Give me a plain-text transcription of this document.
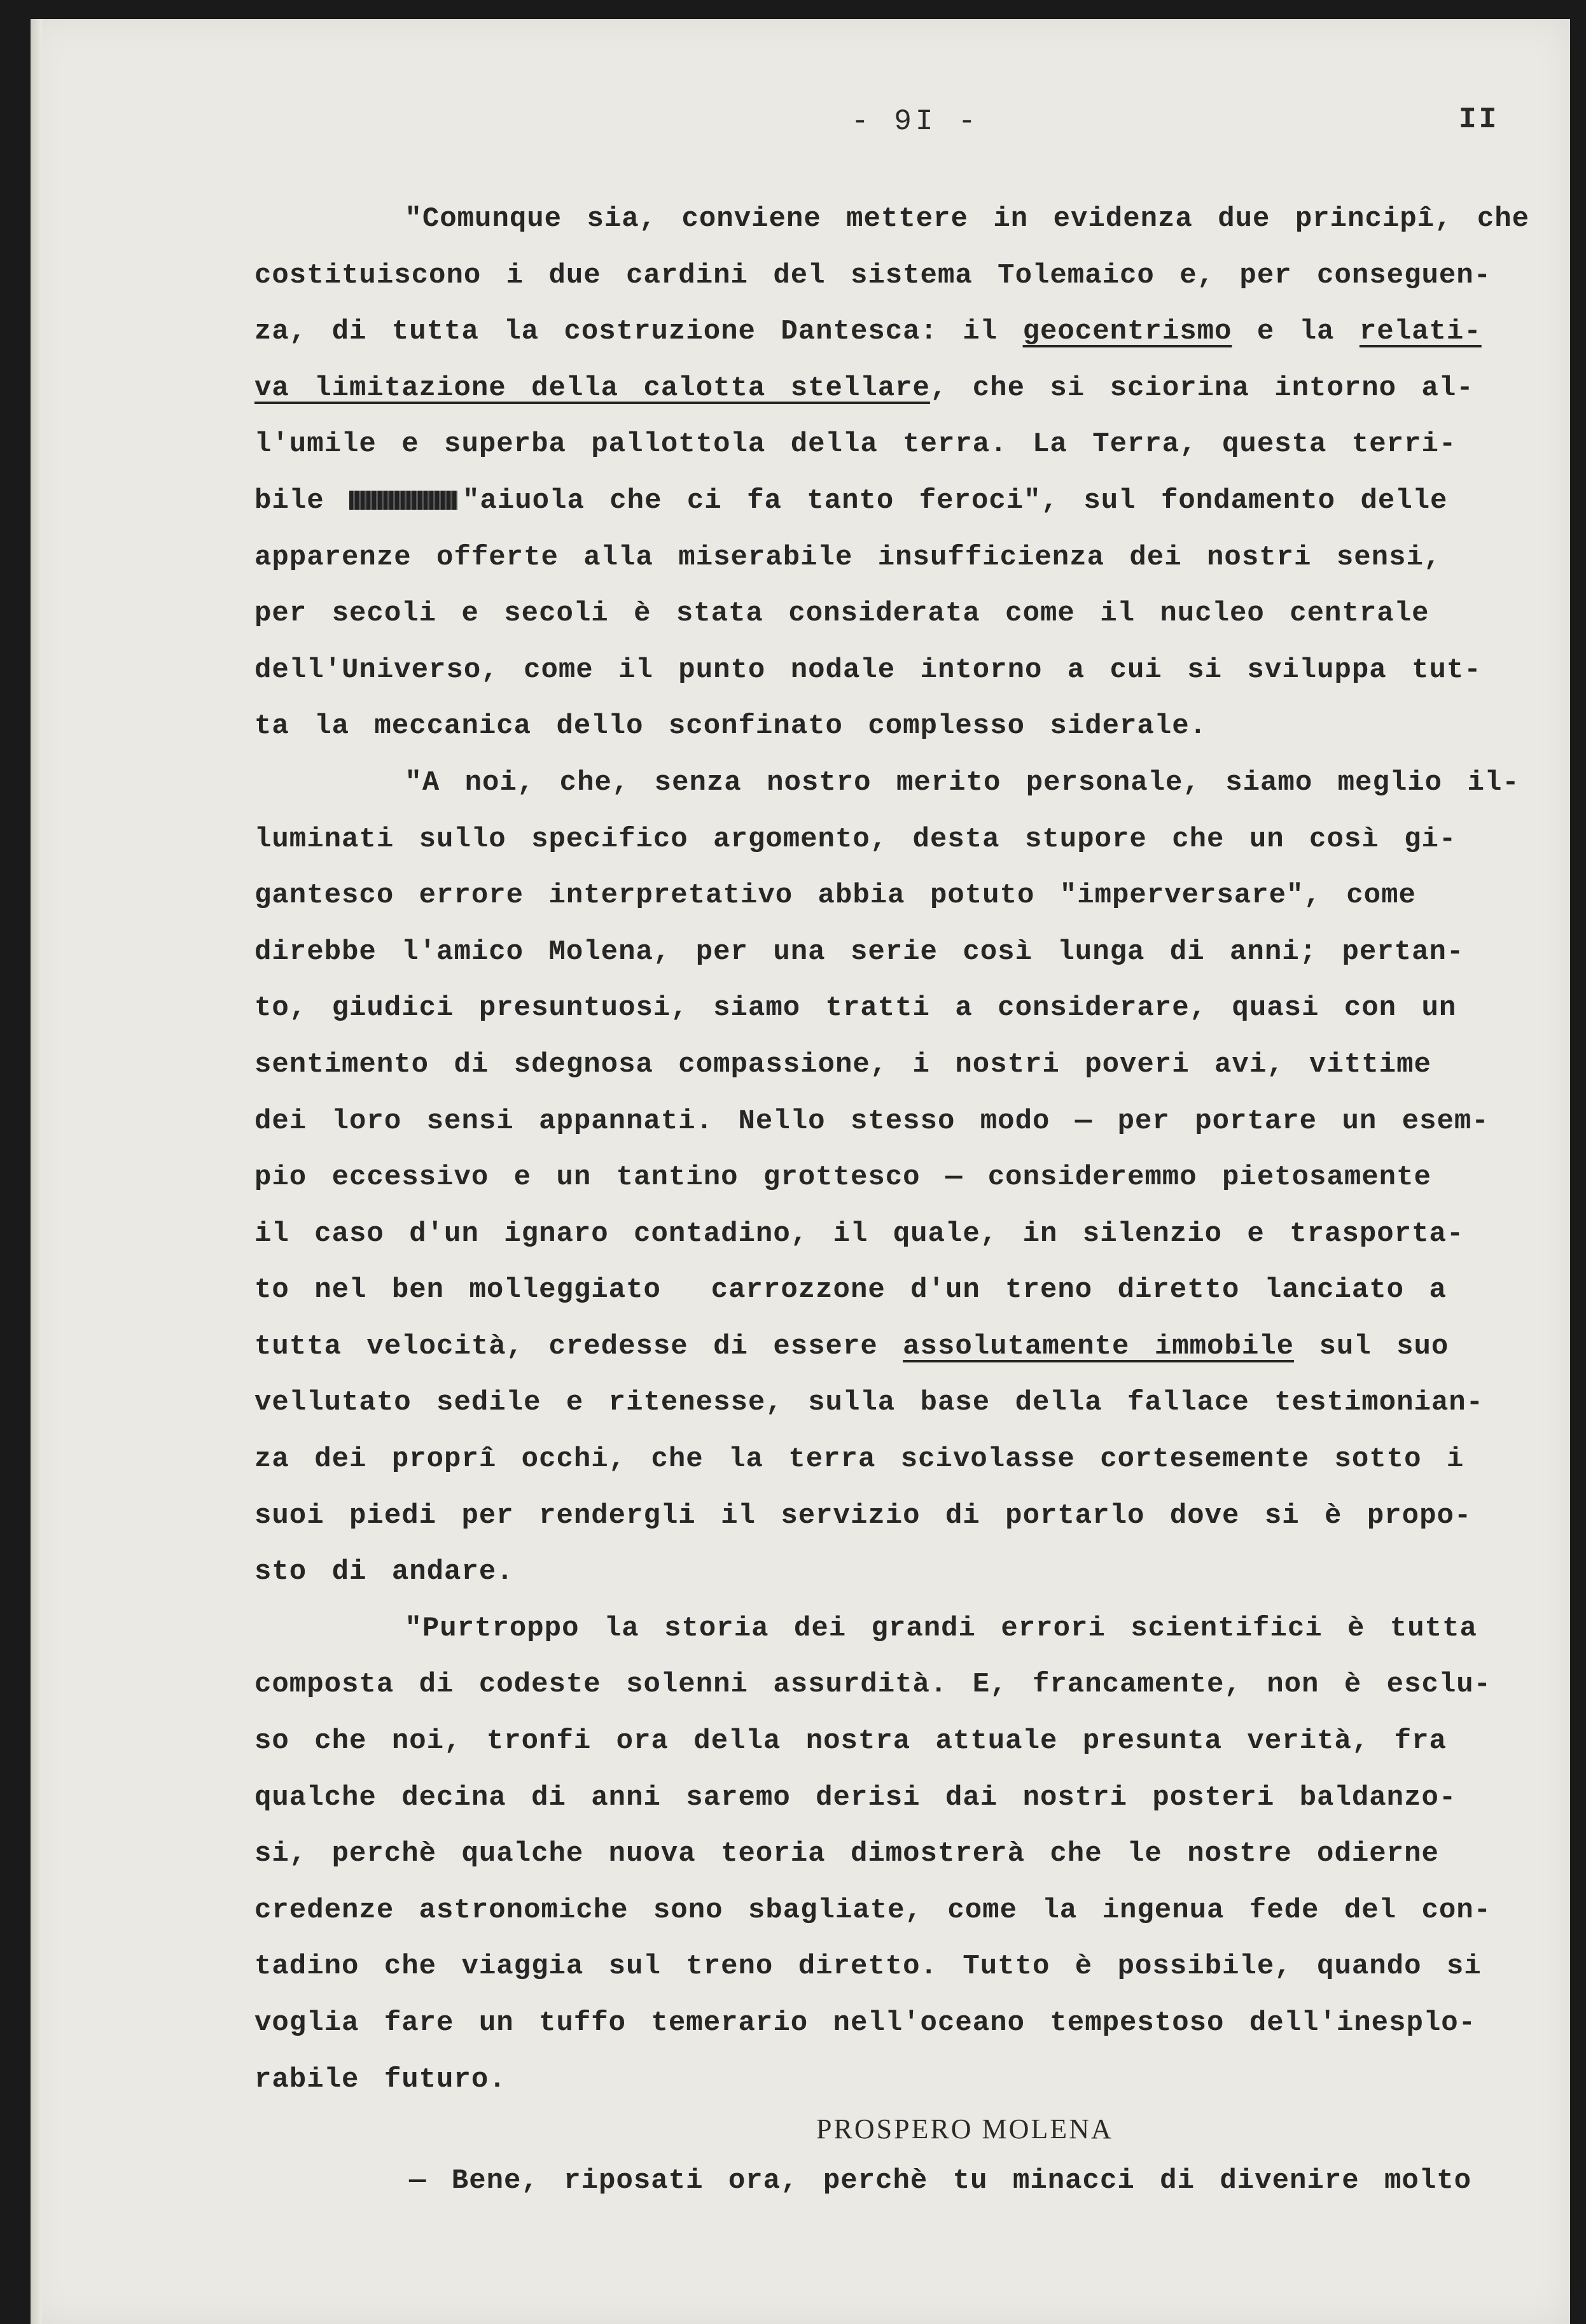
- 9I -	II
"Comunque sia, conviene mettere in evidenza due principî, che
costituiscono i due cardini del sistema Tolemaico e, per conseguen-
za, di tutta la costruzione Dantesca: il geocentrismo e la relati-
va limitazione della calotta stellare, che si sciorina intorno al-
l'umile e superba pallottola della terra. La Terra, questa terri-
bile	"aiuola che ci fa tanto feroci", sul fondamento delle
apparenze offerte alla miserabile insufficienza dei nostri sensi,
per secoli e secoli è stata considerata come il nucleo centrale
dell'Universo, come il punto nodale intorno a cui si sviluppa tut-
ta la meccanica dello sconfinato complesso siderale.
"A noi, che, senza nostro merito personale, siamo meglio il-
luminati sullo specifico argomento, desta stupore che un così gi-
gantesco errore interpretativo abbia potuto "imperversare", come
direbbe l'amico Molena, per una serie così lunga di anni; pertan-
to, giudici presuntuosi, siamo tratti a considerare, quasi con un
sentimento di sdegnosa compassione, i nostri poveri avi, vittime
dei loro sensi appannati. Nello stesso modo — per portare un esem-
pio eccessivo e un tantino grottesco — consideremmo pietosamente
il caso d'un ignaro contadino, il quale, in silenzio e trasporta-
to nel ben molleggiato  carrozzone d'un treno diretto lanciato a
tutta velocità, credesse di essere assolutamente immobile sul suo
vellutato sedile e ritenesse, sulla base della fallace testimonian-
za dei proprî occhi, che la terra scivolasse cortesemente sotto i
suoi piedi per rendergli il servizio di portarlo dove si è propo-
sto di andare.
"Purtroppo la storia dei grandi errori scientifici è tutta
composta di codeste solenni assurdità. E, francamente, non è esclu-
so che noi, tronfi ora della nostra attuale presunta verità, fra
qualche decina di anni saremo derisi dai nostri posteri baldanzo-
si, perchè qualche nuova teoria dimostrerà che le nostre odierne
credenze astronomiche sono sbagliate, come la ingenua fede del con-
tadino che viaggia sul treno diretto. Tutto è possibile, quando si
voglia fare un tuffo temerario nell'oceano tempestoso dell'inesplo-
rabile futuro.
PROSPERO MOLENA
— Bene, riposati ora, perchè tu minacci di divenire molto
